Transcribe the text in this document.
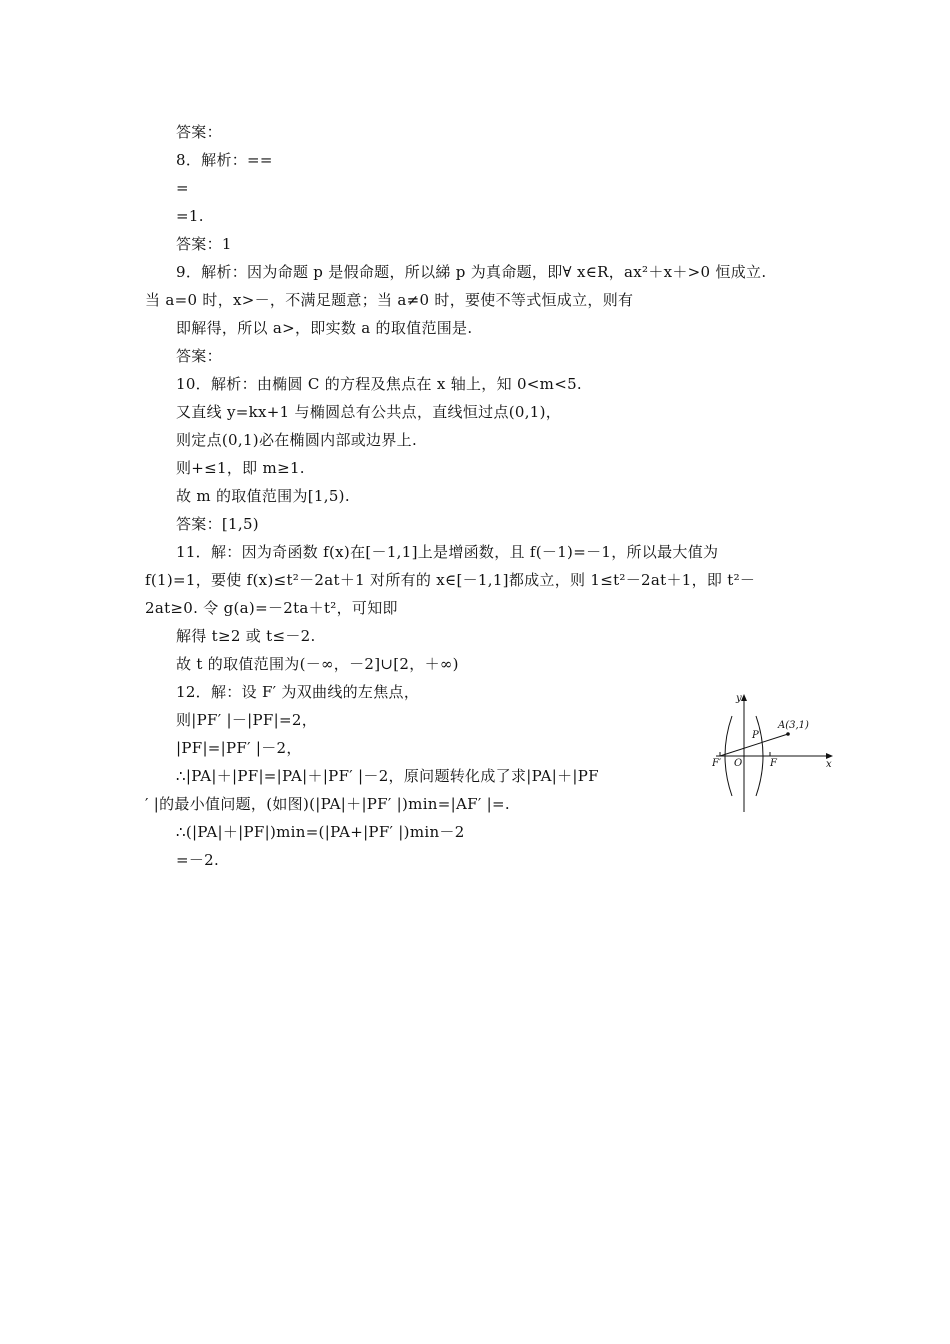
答案：
8．解析：==
=
=1.
答案：1
9．解析：因为命题 p 是假命题，所以綈 p 为真命题，即∀ x∈R，ax²＋x＋>0 恒成立.
当 a=0 时，x>－，不满足题意；当 a≠0 时，要使不等式恒成立，则有
即解得，所以 a>，即实数 a 的取值范围是.
答案：
10．解析：由椭圆 C 的方程及焦点在 x 轴上，知 0<m<5.
又直线 y=kx+1 与椭圆总有公共点，直线恒过点(0,1)，
则定点(0,1)必在椭圆内部或边界上.
则+≤1，即 m≥1.
故 m 的取值范围为[1,5).
答案：[1,5)
11．解：因为奇函数 f(x)在[－1,1]上是增函数，且 f(－1)=－1，所以最大值为
f(1)=1，要使 f(x)≤t²－2at＋1 对所有的 x∈[－1,1]都成立，则 1≤t²－2at＋1，即 t²－
2at≥0. 令 g(a)=－2ta＋t²，可知即
解得 t≥2 或 t≤－2.
故 t 的取值范围为(－∞，－2]∪[2，＋∞)
12．解：设 F′ 为双曲线的左焦点，
则|PF′ |－|PF|=2，
|PF|=|PF′ |－2，
∴|PA|＋|PF|=|PA|＋|PF′ |－2，原问题转化成了求|PA|＋|PF
′ |的最小值问题，(如图)(|PA|＋|PF′ |)min=|AF′ |=.
∴(|PA|＋|PF|)min=(|PA+|PF′ |)min－2
=－2.
y
x
A(3,1)
P
F′ O	F
